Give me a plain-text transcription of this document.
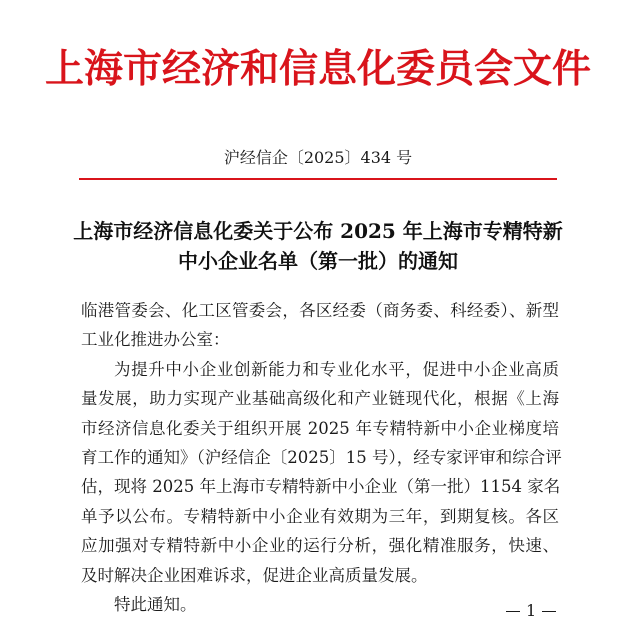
上海市经济和信息化委员会文件
沪经信企〔2025〕434 号
上海市经济信息化委关于公布 2025 年上海市专精特新
中小企业名单（第一批）的通知
临港管委会、化工区管委会，各区经委（商务委、科经委）、新型
工业化推进办公室：
为提升中小企业创新能力和专业化水平，促进中小企业高质
量发展，助力实现产业基础高级化和产业链现代化，根据《上海
市经济信息化委关于组织开展 2025 年专精特新中小企业梯度培
育工作的通知》（沪经信企〔2025〕15 号），经专家评审和综合评
估，现将 2025 年上海市专精特新中小企业（第一批）1154 家名
单予以公布。专精特新中小企业有效期为三年，到期复核。各区
应加强对专精特新中小企业的运行分析，强化精准服务，快速、
及时解决企业困难诉求，促进企业高质量发展。
特此通知。	1
